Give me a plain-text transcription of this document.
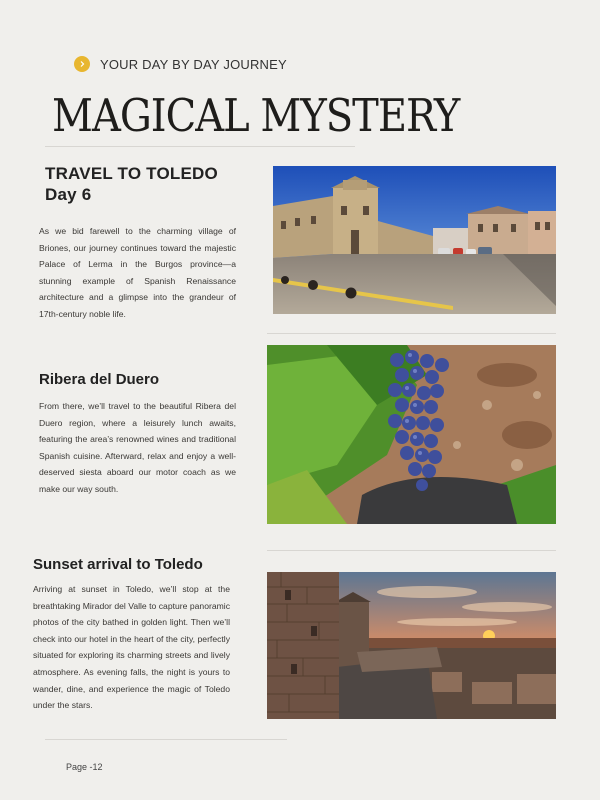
YOUR DAY BY DAY JOURNEY
MAGICAL MYSTERY
TRAVEL TO TOLEDO
Day 6
As we bid farewell to the charming village of Briones, our journey continues toward the majestic Palace of Lerma in the Burgos province—a stunning example of Spanish Renaissance architecture and a glimpse into the grandeur of 17th-century noble life.
Ribera del Duero
From there, we’ll travel to the beautiful Ribera del Duero region, where a leisurely lunch awaits, featuring the area’s renowned wines and traditional Spanish cuisine. Afterward, relax and enjoy a well-deserved siesta aboard our motor coach as we make our way south.
Sunset arrival to Toledo
Arriving at sunset in Toledo, we’ll stop at the breathtaking Mirador del Valle to capture panoramic photos of the city bathed in golden light. Then we’ll check into our hotel in the heart of the city, perfectly situated for exploring its charming streets and lively atmosphere. As evening falls, the night is yours to wander, dine, and experience the magic of Toledo under the stars.
Page -12
